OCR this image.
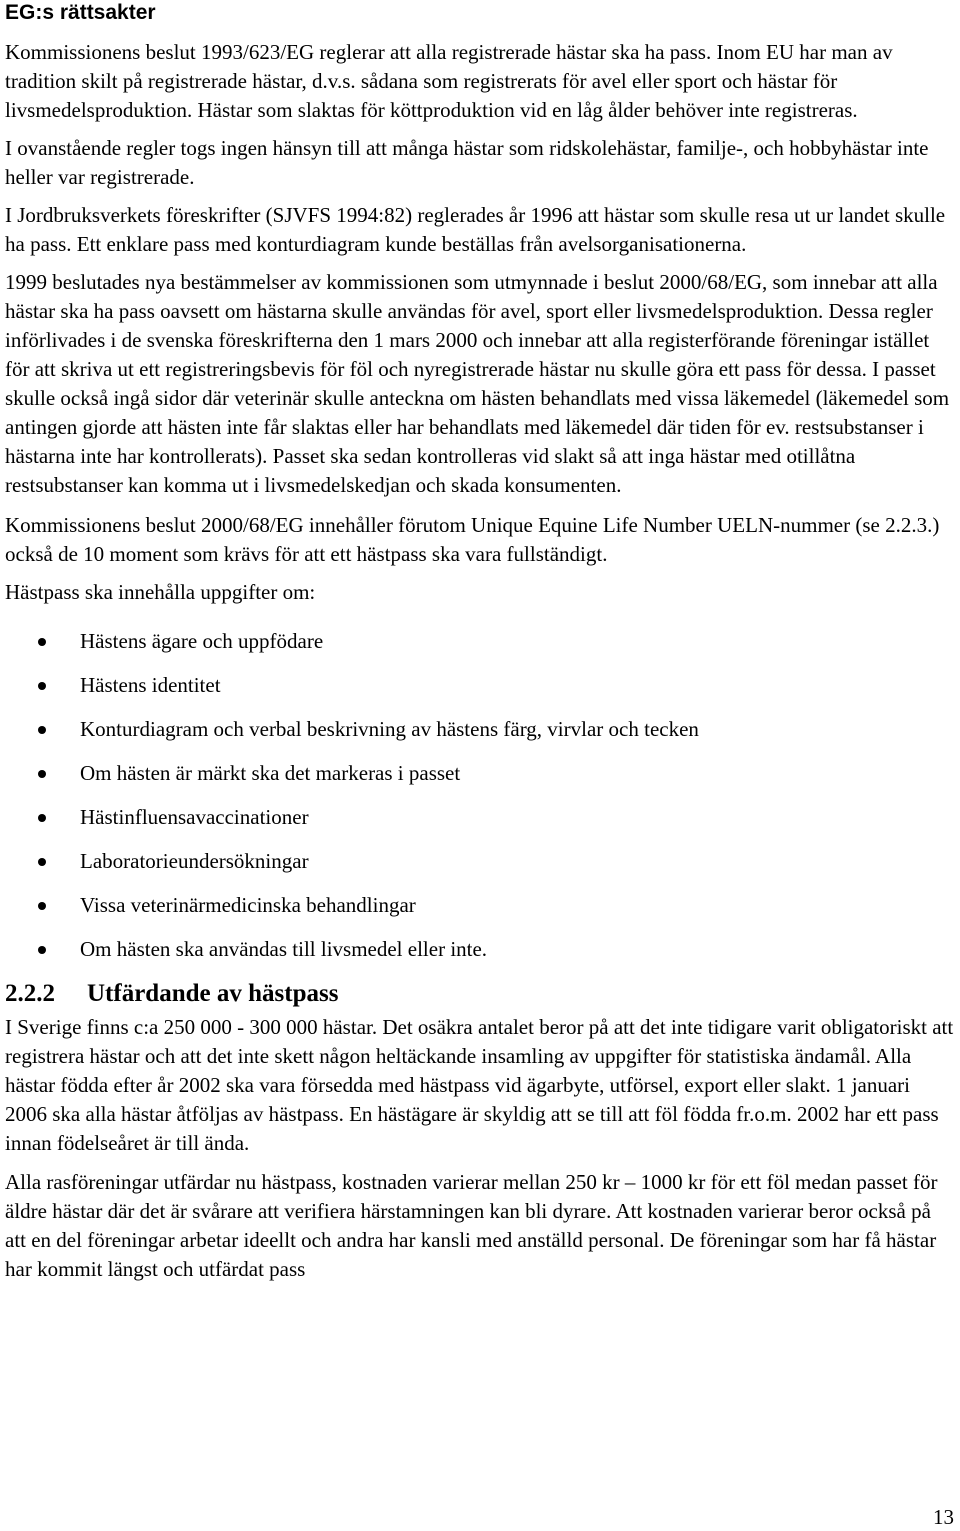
EG:s rättsakter

Kommissionens beslut 1993/623/EG reglerar att alla registrerade hästar ska ha pass. Inom EU har man av tradition skilt på registrerade hästar, d.v.s. sådana som registrerats för avel eller sport och hästar för livsmedelsproduktion. Hästar som slaktas för köttproduktion vid en låg ålder behöver inte registreras.

I ovanstående regler togs ingen hänsyn till att många hästar som ridskolehästar, familje-, och hobbyhästar inte heller var registrerade.

I Jordbruksverkets föreskrifter (SJVFS 1994:82) reglerades år 1996 att hästar som skulle resa ut ur landet skulle ha pass. Ett enklare pass med konturdiagram kunde beställas från avelsorganisationerna.

1999 beslutades nya bestämmelser av kommissionen som utmynnade i beslut 2000/68/EG, som innebar att alla hästar ska ha pass oavsett om hästarna skulle användas för avel, sport eller livsmedelsproduktion. Dessa regler införlivades i de svenska föreskrifterna den 1 mars 2000 och innebar att alla registerförande föreningar istället för att skriva ut ett registreringsbevis för föl och nyregistrerade hästar nu skulle göra ett pass för dessa. I passet skulle också ingå sidor där veterinär skulle anteckna om hästen behandlats med vissa läkemedel (läkemedel som antingen gjorde att hästen inte får slaktas eller har behandlats med läkemedel där tiden för ev. restsubstanser i hästarna inte har kontrollerats). Passet ska sedan kontrolleras vid slakt så att inga hästar med otillåtna restsubstanser kan komma ut i livsmedelskedjan och skada konsumenten.

Kommissionens beslut 2000/68/EG innehåller förutom Unique Equine Life Number UELN-nummer (se 2.2.3.) också de 10 moment som krävs för att ett hästpass ska vara fullständigt.

Hästpass ska innehålla uppgifter om:

Hästens ägare och uppfödare
Hästens identitet
Konturdiagram och verbal beskrivning av hästens färg, virvlar och tecken
Om hästen är märkt ska det markeras i passet
Hästinfluensavaccinationer
Laboratorieundersökningar
Vissa veterinärmedicinska behandlingar
Om hästen ska användas till livsmedel eller inte.
2.2.2 Utfärdande av hästpass

I Sverige finns c:a 250 000 - 300 000 hästar. Det osäkra antalet beror på att det inte tidigare varit obligatoriskt att registrera hästar och att det inte skett någon heltäckande insamling av uppgifter för statistiska ändamål. Alla hästar födda efter år 2002 ska vara försedda med hästpass vid ägarbyte, utförsel, export eller slakt. 1 januari 2006 ska alla hästar åtföljas av hästpass. En hästägare är skyldig att se till att föl födda fr.o.m. 2002 har ett pass innan födelseåret är till ända.

Alla rasföreningar utfärdar nu hästpass, kostnaden varierar mellan 250 kr – 1000 kr för ett föl medan passet för äldre hästar där det är svårare att verifiera härstamningen kan bli dyrare. Att kostnaden varierar beror också på att en del föreningar arbetar ideellt och andra har kansli med anställd personal. De föreningar som har få hästar har kommit längst och utfärdat pass

13
